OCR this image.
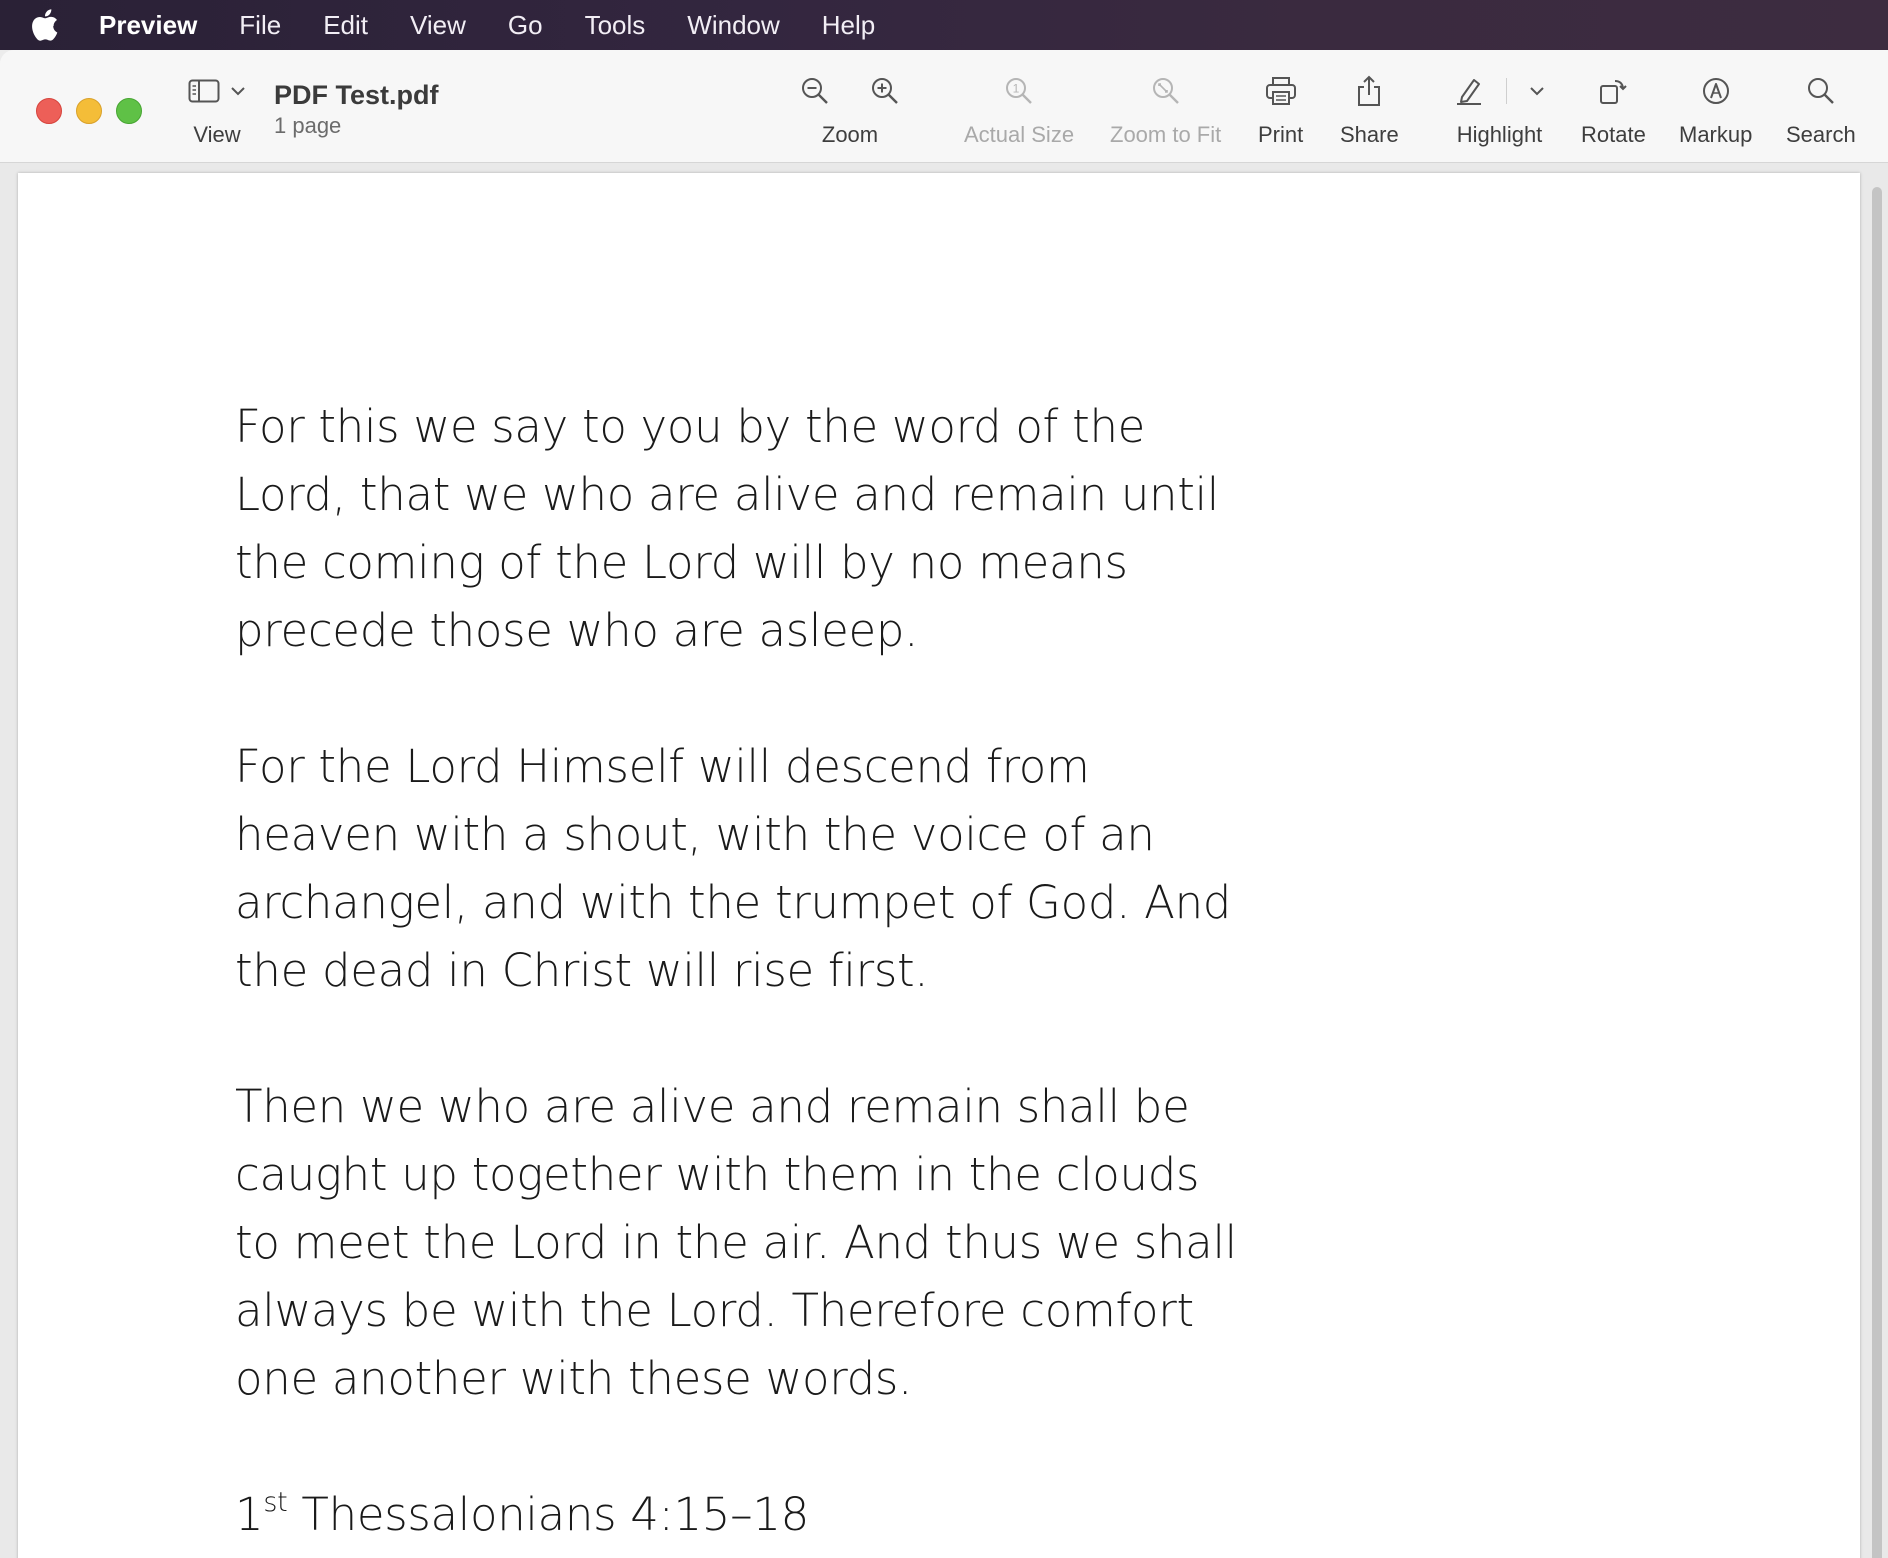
Preview	File	Edit	View	Go	Tools	Window	Help
View
PDF Test.pdf
1 page	Zoom
1
Actual Size Zoom to Fit Print Share	Highlight Rotate Markup Search

For this we say to you by the word of the
Lord, that we who are alive and remain until
the coming of the Lord will by no means
precede those who are asleep.

For the Lord Himself will descend from
heaven with a shout, with the voice of an
archangel, and with the trumpet of God. And
the dead in Christ will rise first.

Then we who are alive and remain shall be
caught up together with them in the clouds
to meet the Lord in the air. And thus we shall
always be with the Lord. Therefore comfort
one another with these words.

1st Thessalonians 4:15–18
